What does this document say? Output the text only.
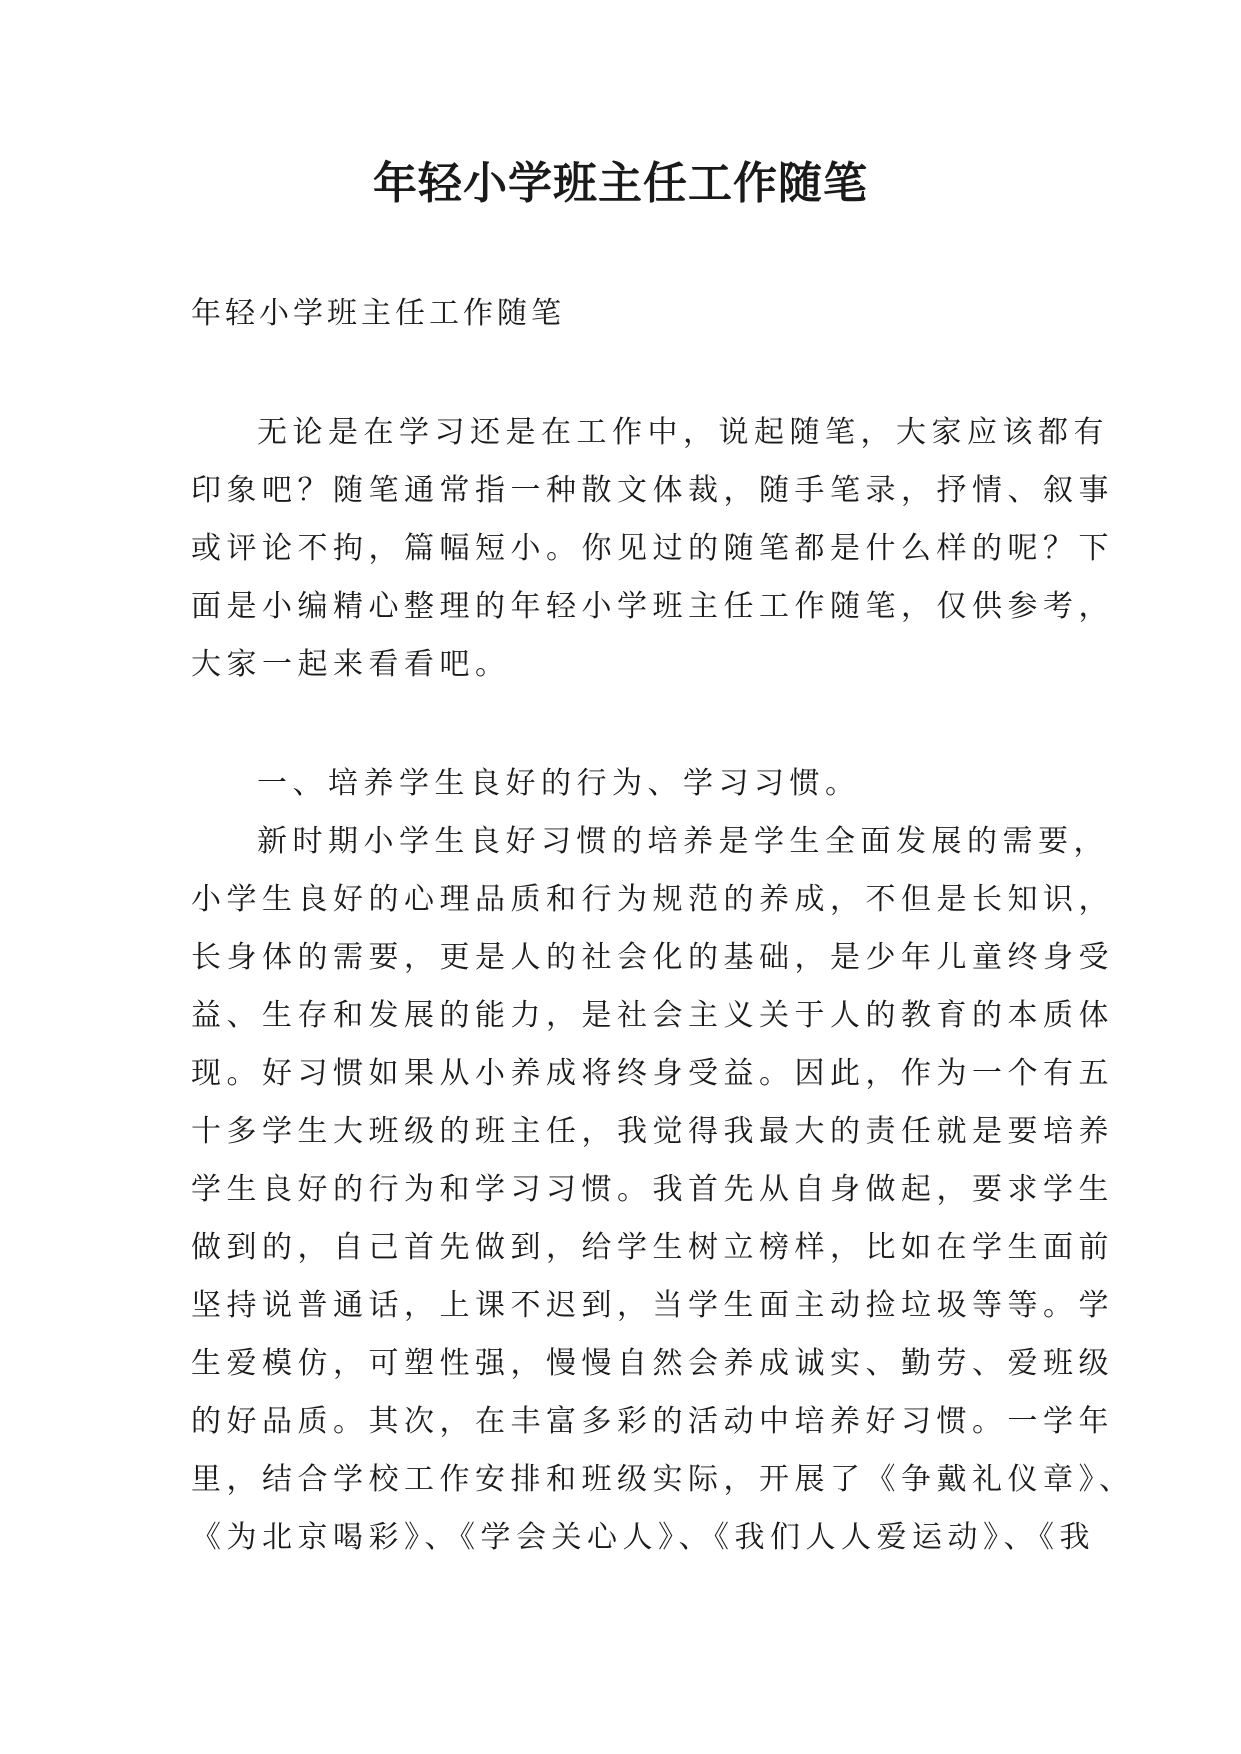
年轻小学班主任工作随笔
年轻小学班主任工作随笔
无论是在学习还是在工作中，说起随笔，大家应该都有
印象吧？随笔通常指一种散文体裁，随手笔录，抒情、叙事
或评论不拘，篇幅短小。你见过的随笔都是什么样的呢？下
面是小编精心整理的年轻小学班主任工作随笔，仅供参考，
大家一起来看看吧。
一、培养学生良好的行为、学习习惯。
新时期小学生良好习惯的培养是学生全面发展的需要，
小学生良好的心理品质和行为规范的养成，不但是长知识，
长身体的需要，更是人的社会化的基础，是少年儿童终身受
益、生存和发展的能力，是社会主义关于人的教育的本质体
现。好习惯如果从小养成将终身受益。因此，作为一个有五
十多学生大班级的班主任，我觉得我最大的责任就是要培养
学生良好的行为和学习习惯。我首先从自身做起，要求学生
做到的，自己首先做到，给学生树立榜样，比如在学生面前
坚持说普通话，上课不迟到，当学生面主动捡垃圾等等。学
生爱模仿，可塑性强，慢慢自然会养成诚实、勤劳、爱班级
的好品质。其次，在丰富多彩的活动中培养好习惯。一学年
里，结合学校工作安排和班级实际，开展了《争戴礼仪章》、
《为北京喝彩》、《学会关心人》、《我们人人爱运动》、《我
